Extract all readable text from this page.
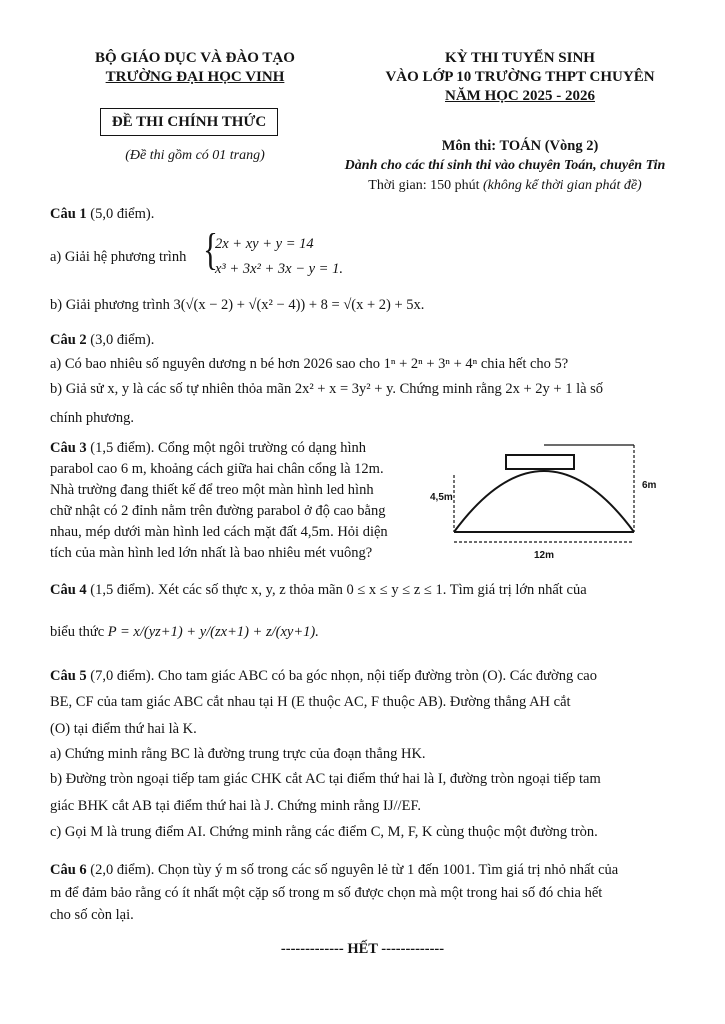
BỘ GIÁO DỤC VÀ ĐÀO TẠO
TRƯỜNG ĐẠI HỌC VINH
ĐỀ THI CHÍNH THỨC
(Đề thi gồm có 01 trang)
KỲ THI TUYỂN SINH
VÀO LỚP 10 TRƯỜNG THPT CHUYÊN
NĂM HỌC 2025 - 2026
Môn thi: TOÁN (Vòng 2)
Dành cho các thí sinh thi vào chuyên Toán, chuyên Tin
Thời gian: 150 phút (không kể thời gian phát đề)
Câu 1 (5,0 điểm).
a) Giải hệ phương trình {
2x + xy + y = 14
x³ + 3x² + 3x − y = 1.
b) Giải phương trình 3(√(x − 2) + √(x² − 4)) + 8 = √(x + 2) + 5x.
Câu 2 (3,0 điểm).
a) Có bao nhiêu số nguyên dương n bé hơn 2026 sao cho 1ⁿ + 2ⁿ + 3ⁿ + 4ⁿ chia hết cho 5?
b) Giả sử x, y là các số tự nhiên thỏa mãn 2x² + x = 3y² + y. Chứng minh rằng 2x + 2y + 1 là số
chính phương.
Câu 3 (1,5 điểm). Cổng một ngôi trường có dạng hình
parabol cao 6 m, khoảng cách giữa hai chân cổng là 12m.
Nhà trường đang thiết kế để treo một màn hình led hình
chữ nhật có 2 đỉnh nằm trên đường parabol ở độ cao bằng
nhau, mép dưới màn hình led cách mặt đất 4,5m. Hỏi diện
tích của màn hình led lớn nhất là bao nhiêu mét vuông?
4,5m
6m
12m
Câu 4 (1,5 điểm). Xét các số thực x, y, z thỏa mãn 0 ≤ x ≤ y ≤ z ≤ 1. Tìm giá trị lớn nhất của
biểu thức P = x/(yz+1) + y/(zx+1) + z/(xy+1).
Câu 5 (7,0 điểm). Cho tam giác ABC có ba góc nhọn, nội tiếp đường tròn (O). Các đường cao
BE, CF của tam giác ABC cắt nhau tại H (E thuộc AC, F thuộc AB). Đường thẳng AH cắt
(O) tại điểm thứ hai là K.
a) Chứng minh rằng BC là đường trung trực của đoạn thẳng HK.
b) Đường tròn ngoại tiếp tam giác CHK cắt AC tại điểm thứ hai là I, đường tròn ngoại tiếp tam
giác BHK cắt AB tại điểm thứ hai là J. Chứng minh rằng IJ//EF.
c) Gọi M là trung điểm AI. Chứng minh rằng các điểm C, M, F, K cùng thuộc một đường tròn.
Câu 6 (2,0 điểm). Chọn tùy ý m số trong các số nguyên lẻ từ 1 đến 1001. Tìm giá trị nhỏ nhất của
m để đảm bảo rằng có ít nhất một cặp số trong m số được chọn mà một trong hai số đó chia hết
cho số còn lại.
------------- HẾT -------------
